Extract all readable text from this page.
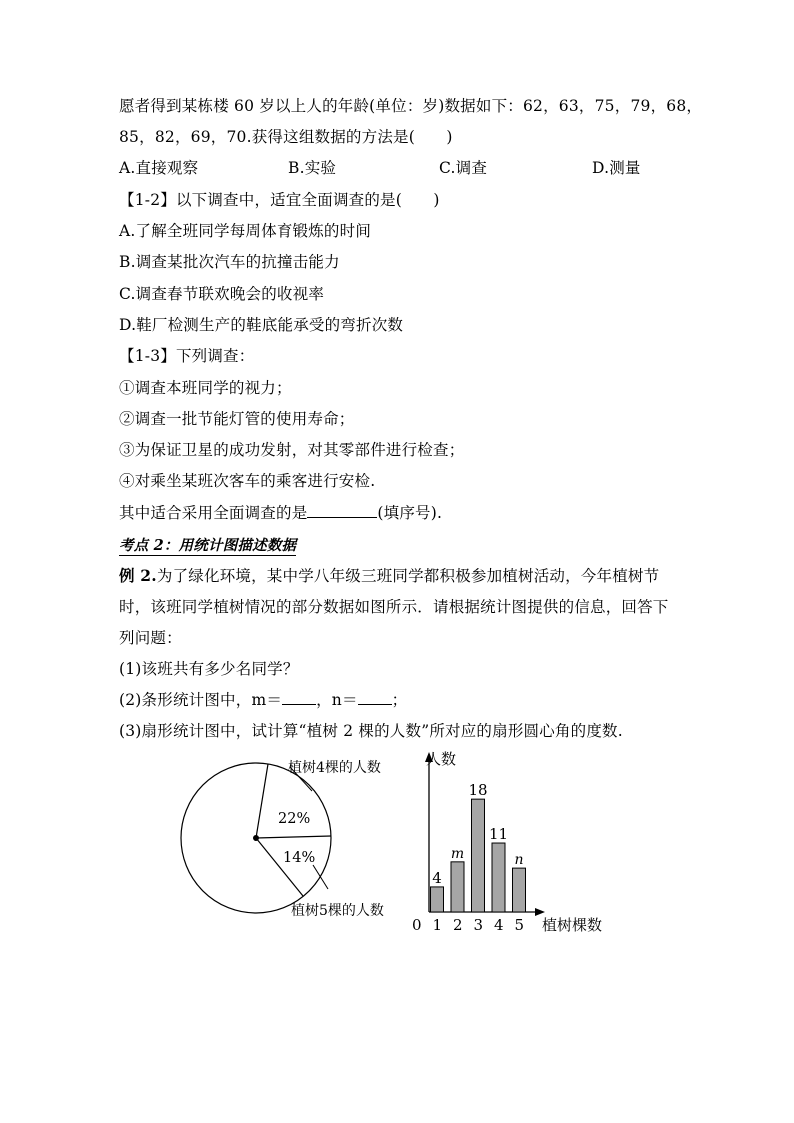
愿者得到某栋楼 60 岁以上人的年龄(单位：岁)数据如下：62，63，75，79，68，
85，82，69，70.获得这组数据的方法是(　　)
A.直接观察	B.实验	C.调查	D.测量
【1-2】以下调查中，适宜全面调查的是(　　)
A.了解全班同学每周体育锻炼的时间
B.调查某批次汽车的抗撞击能力
C.调查春节联欢晚会的收视率
D.鞋厂检测生产的鞋底能承受的弯折次数
【1-3】下列调查：
①调查本班同学的视力；
②调查一批节能灯管的使用寿命；
③为保证卫星的成功发射，对其零部件进行检查；
④对乘坐某班次客车的乘客进行安检.
其中适合采用全面调查的是	(填序号).
考点 2：用统计图描述数据
例 2.为了绿化环境，某中学八年级三班同学都积极参加植树活动，今年植树节
时，该班同学植树情况的部分数据如图所示．请根据统计图提供的信息，回答下
列问题：
(1)该班共有多少名同学？
(2)条形统计图中，m＝ ，n＝ ；
(3)扇形统计图中，试计算“植树 2 棵的人数”所对应的扇形圆心角的度数.
22%
14%
植树4棵的人数
植树5棵的人数
人数
植树棵数
0 1 2 3 4 5
4
m
18
11
n
